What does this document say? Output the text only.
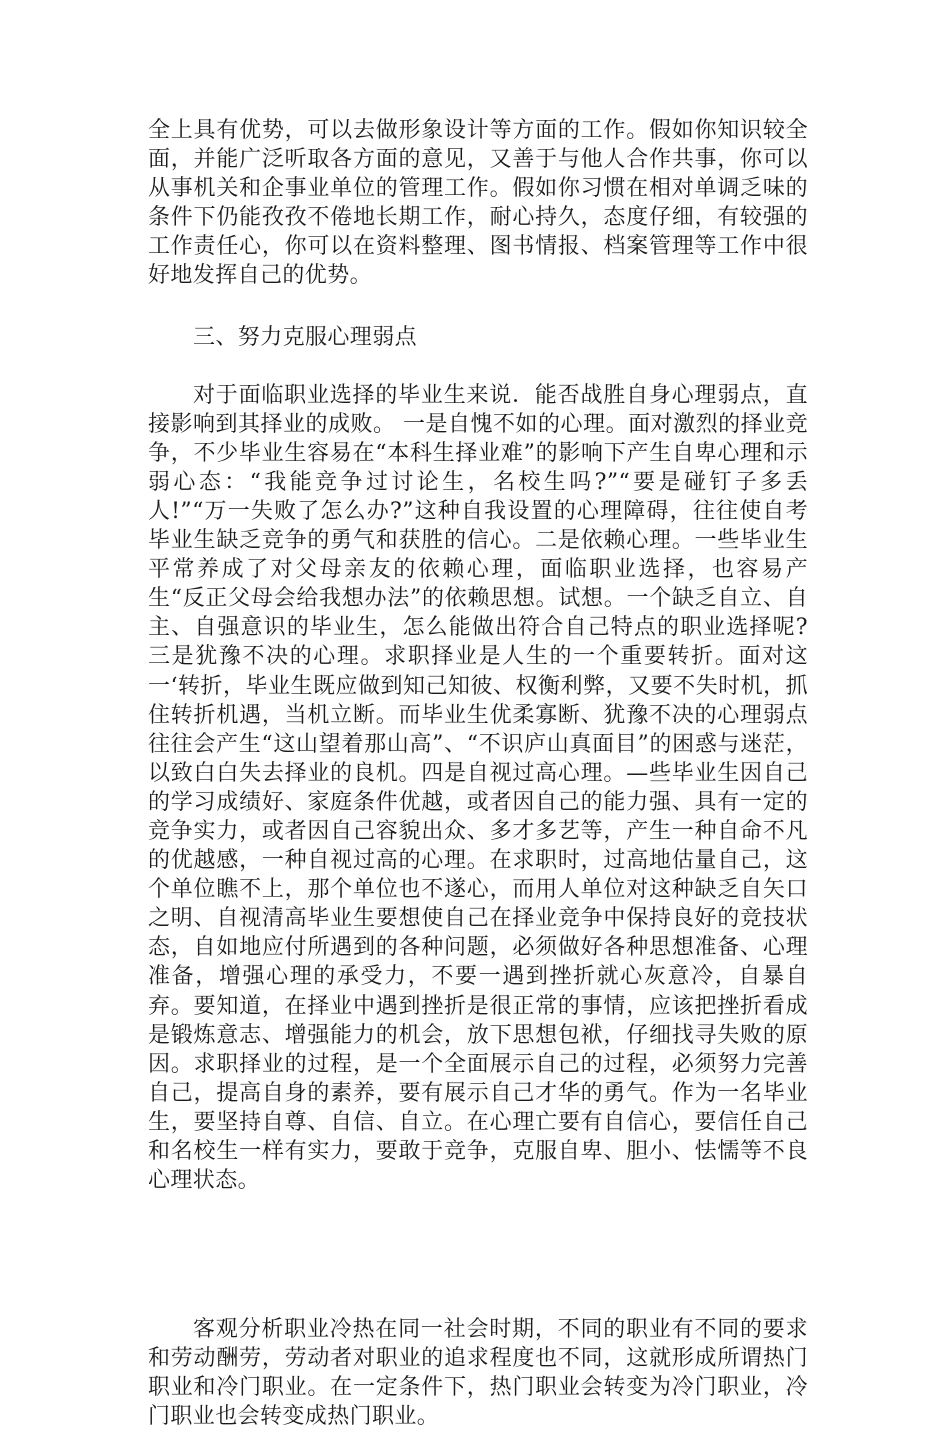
全上具有优势，可以去做形象设计等方面的工作。假如你知识较全面，并能广泛听取各方面的意见，又善于与他人合作共事，你可以从事机关和企事业单位的管理工作。假如你习惯在相对单调乏味的条件下仍能孜孜不倦地长期工作，耐心持久，态度仔细，有较强的工作责任心，你可以在资料整理、图书情报、档案管理等工作中很好地发挥自己的优势。

三、努力克服心理弱点

对于面临职业选择的毕业生来说．能否战胜自身心理弱点，直接影响到其择业的成败。 一是自愧不如的心理。面对激烈的择业竞争，不少毕业生容易在“本科生择业难”的影响下产生自卑心理和示弱心态：“我能竞争过讨论生，名校生吗?”“要是碰钉子多丢人!”“万一失败了怎么办?”这种自我设置的心理障碍，往往使自考毕业生缺乏竞争的勇气和获胜的信心。二是依赖心理。一些毕业生平常养成了对父母亲友的依赖心理，面临职业选择，也容易产生“反正父母会给我想办法”的依赖思想。试想。一个缺乏自立、自主、自强意识的毕业生，怎么能做出符合自己特点的职业选择呢?三是犹豫不决的心理。求职择业是人生的一个重要转折。面对这一‘转折，毕业生既应做到知己知彼、权衡利弊，又要不失时机，抓住转折机遇，当机立断。而毕业生优柔寡断、犹豫不决的心理弱点往往会产生“这山望着那山高”、“不识庐山真面目”的困惑与迷茫，以致白白失去择业的良机。四是自视过高心理。—些毕业生因自己的学习成绩好、家庭条件优越，或者因自己的能力强、具有一定的竞争实力，或者因自己容貌出众、多才多艺等，产生一种自命不凡的优越感，一种自视过高的心理。在求职时，过高地估量自己，这个单位瞧不上，那个单位也不遂心，而用人单位对这种缺乏自矢口之明、自视清高毕业生要想使自己在择业竞争中保持良好的竞技状态，自如地应付所遇到的各种问题，必须做好各种思想准备、心理准备，增强心理的承受力，不要一遇到挫折就心灰意冷，自暴自弃。要知道，在择业中遇到挫折是很正常的事情，应该把挫折看成是锻炼意志、增强能力的机会，放下思想包袱，仔细找寻失败的原因。求职择业的过程，是一个全面展示自己的过程，必须努力完善自己，提高自身的素养，要有展示自己才华的勇气。作为一名毕业生，要坚持自尊、自信、自立。在心理亡要有自信心，要信任自己和名校生一样有实力，要敢于竞争，克服自卑、胆小、怯懦等不良心理状态。

客观分析职业冷热在同一社会时期，不同的职业有不同的要求和劳动酬劳，劳动者对职业的追求程度也不同，这就形成所谓热门职业和冷门职业。在一定条件下，热门职业会转变为冷门职业，冷门职业也会转变成热门职业。
